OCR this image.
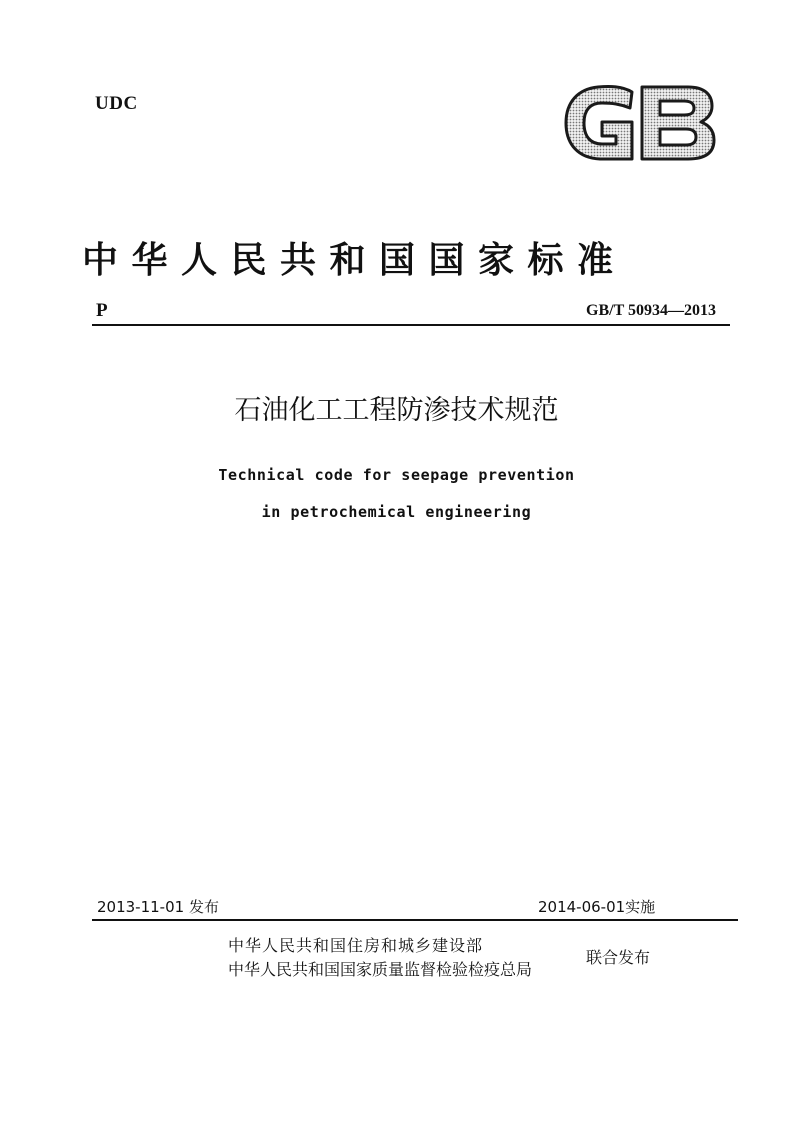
UDC
GB
中华人民共和国国家标准
P	GB/T 50934—2013
石油化工工程防渗技术规范
Technical code for seepage prevention
in petrochemical engineering
2013-11-01 发布	2014-06-01实施
中华人民共和国住房和城乡建设部
中华人民共和国国家质量监督检验检疫总局
联合发布
